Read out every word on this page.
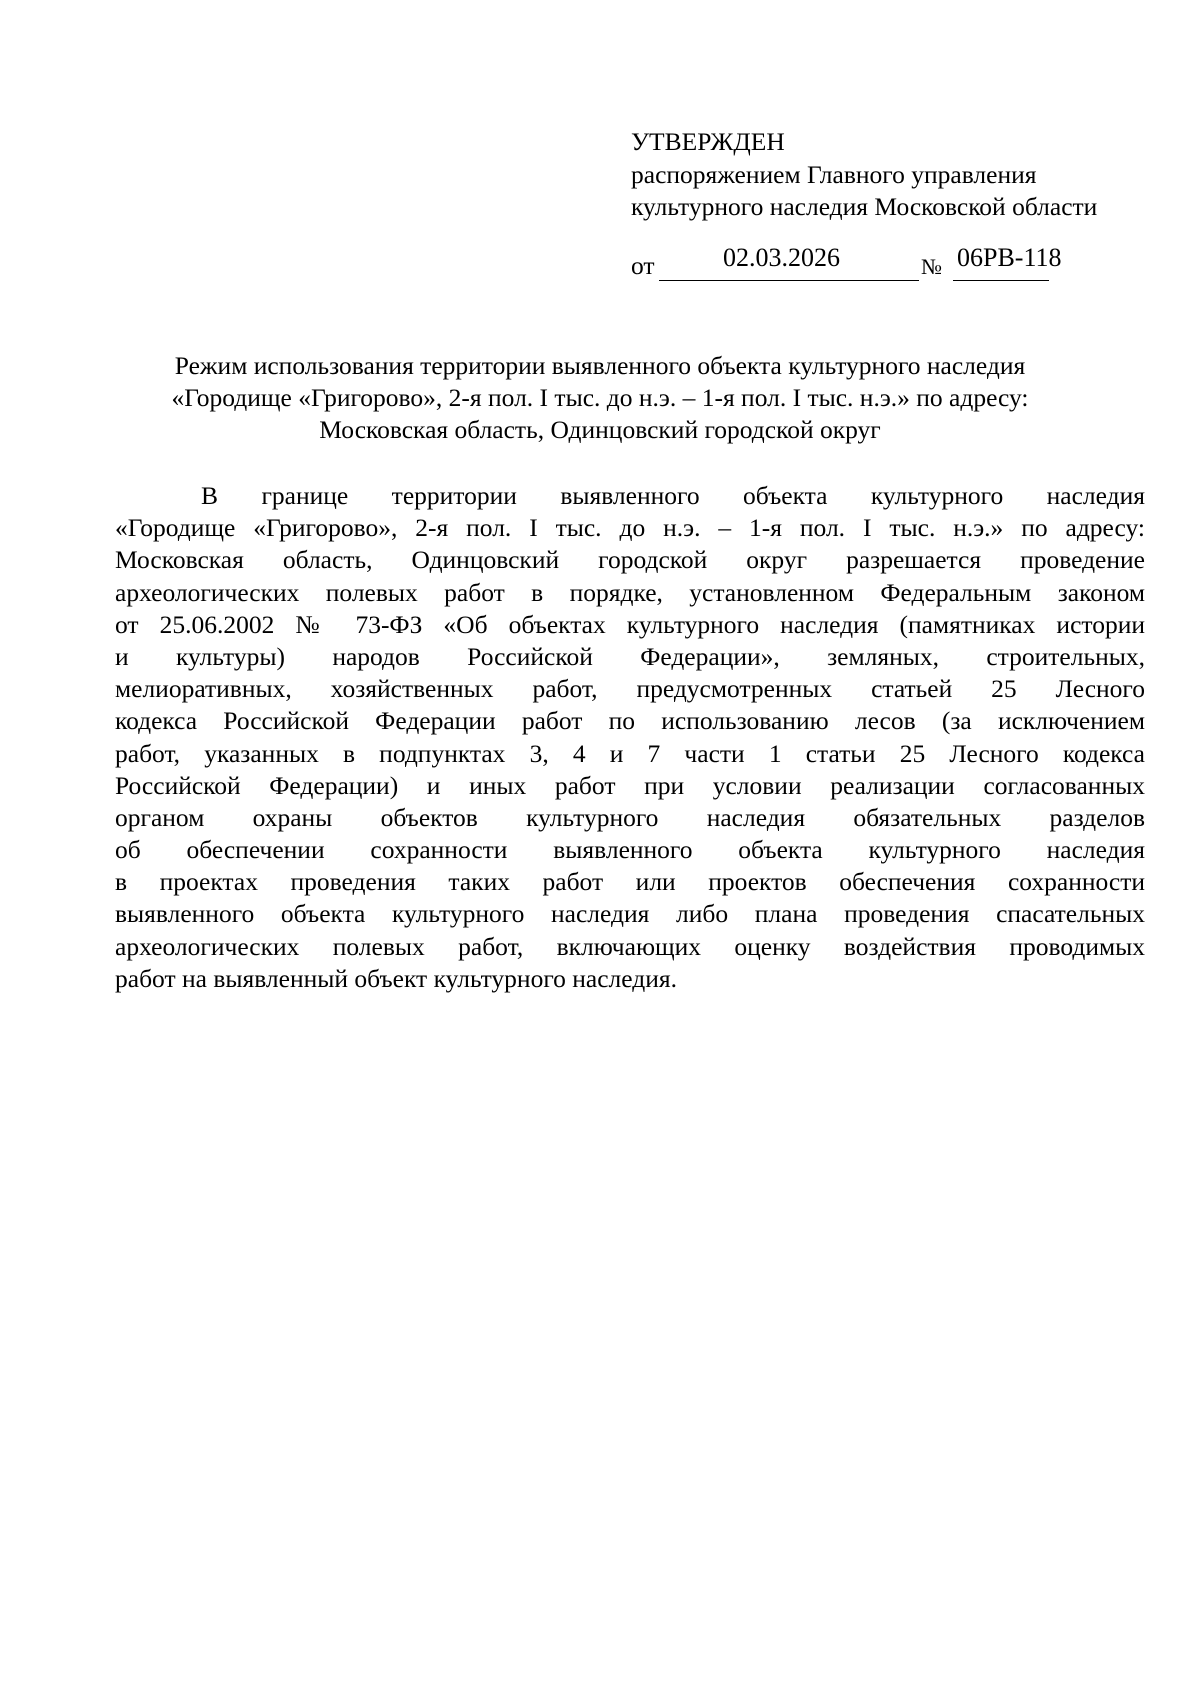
УТВЕРЖДЕН
распоряжением Главного управления
культурного наследия Московской области
от	02.03.2026	№ 06РВ-118
Режим использования территории выявленного объекта культурного наследия
«Городище «Григорово», 2-я пол. I тыс. до н.э. – 1-я пол. I тыс. н.э.» по адресу:
Московская область, Одинцовский городской округ
В границе территории выявленного объекта культурного наследия
«Городище «Григорово», 2-я пол. I тыс. до н.э. – 1-я пол. I тыс. н.э.» по адресу:
Московская область, Одинцовский городской округ разрешается проведение
археологических полевых работ в порядке, установленном Федеральным законом
от 25.06.2002 № 73-ФЗ «Об объектах культурного наследия (памятниках истории
и культуры) народов Российской Федерации», земляных, строительных,
мелиоративных, хозяйственных работ, предусмотренных статьей 25 Лесного
кодекса Российской Федерации работ по использованию лесов (за исключением
работ, указанных в подпунктах 3, 4 и 7 части 1 статьи 25 Лесного кодекса
Российской Федерации) и иных работ при условии реализации согласованных
органом охраны объектов культурного наследия обязательных разделов
об обеспечении сохранности выявленного объекта культурного наследия
в проектах проведения таких работ или проектов обеспечения сохранности
выявленного объекта культурного наследия либо плана проведения спасательных
археологических полевых работ, включающих оценку воздействия проводимых
работ на выявленный объект культурного наследия.
